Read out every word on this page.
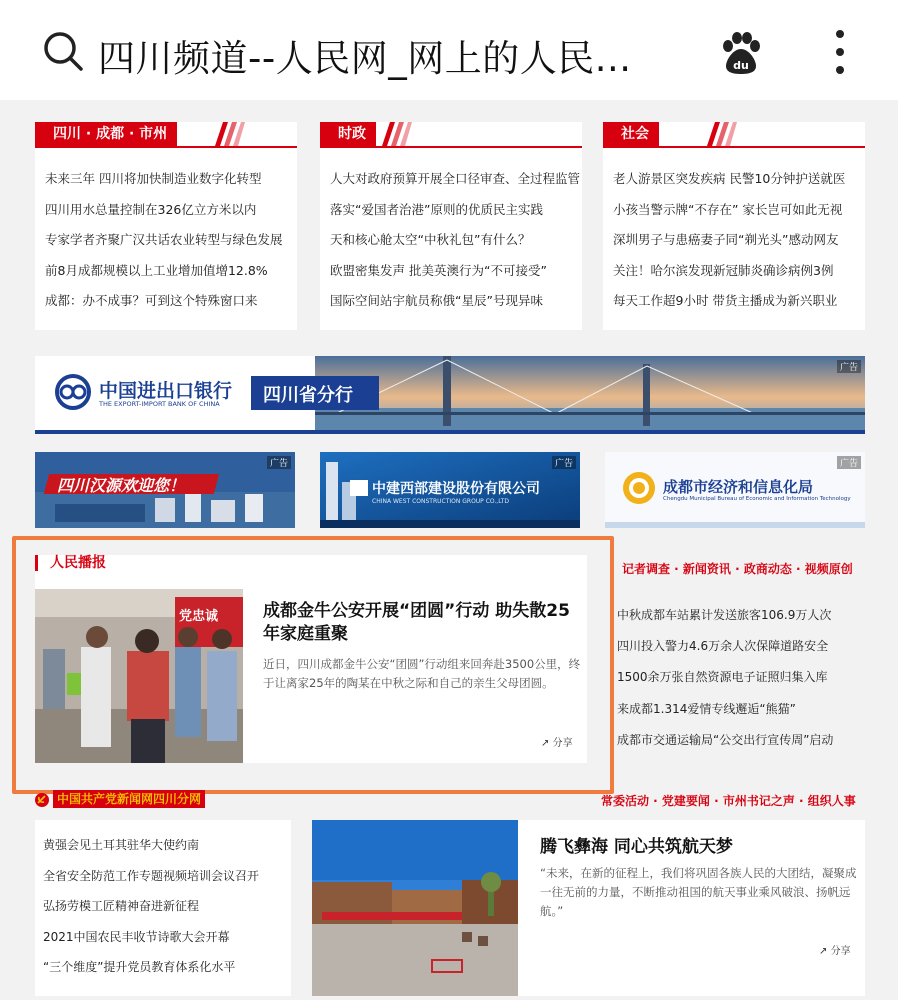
四川频道--人民网_网上的人民...	du
四川 · 成都 · 市州
未来三年 四川将加快制造业数字化转型
四川用水总量控制在326亿立方米以内
专家学者齐聚广汉共话农业转型与绿色发展
前8月成都规模以上工业增加值增12.8%
成都：办不成事？可到这个特殊窗口来
时政
人大对政府预算开展全口径审查、全过程监管
落实“爱国者治港”原则的优质民主实践
天和核心舱太空“中秋礼包”有什么？
欧盟密集发声 批美英澳行为“不可接受”
国际空间站宇航员称俄“星辰”号现异味
社会
老人游景区突发疾病 民警10分钟护送就医
小孩当警示牌“不存在” 家长岂可如此无视
深圳男子与患癌妻子同“剃光头”感动网友
关注！哈尔滨发现新冠肺炎确诊病例3例
每天工作超9小时 带货主播成为新兴职业
中国进出口银行
THE EXPORT-IMPORT BANK OF CHINA 四川省分行
广告
四川汉源欢迎您！
广告
中建西部建设股份有限公司
CHINA WEST CONSTRUCTION GROUP CO.,LTD
广告
成都市经济和信息化局
Chengdu Municipal Bureau of Economic and Information Technology
广告
人民播报
党忠诚	成都金牛公安开展“团圆”行动 助失散25年家庭重聚
近日，四川成都金牛公安“团圆”行动组来回奔赴3500公里，终于让离家25年的陶某在中秋之际和自己的亲生父母团圆。
↗ 分享
记者调查 · 新闻资讯 · 政商动态 · 视频原创
中秋成都车站累计发送旅客106.9万人次
四川投入警力4.6万余人次保障道路安全
1500余万张自然资源电子证照归集入库
来成都1.314爱情专线邂逅“熊猫”
成都市交通运输局“公交出行宣传周”启动
中国共产党新闻网四川分网	常委活动 · 党建要闻 · 市州书记之声 · 组织人事
黄强会见土耳其驻华大使约南
全省安全防范工作专题视频培训会议召开
弘扬劳模工匠精神奋进新征程
2021中国农民丰收节诗歌大会开幕
“三个维度”提升党员教育体系化水平
腾飞彝海 同心共筑航天梦
“未来，在新的征程上，我们将巩固各族人民的大团结，凝聚成一往无前的力量，不断推动祖国的航天事业乘风破浪、扬帆远航。”
↗ 分享
